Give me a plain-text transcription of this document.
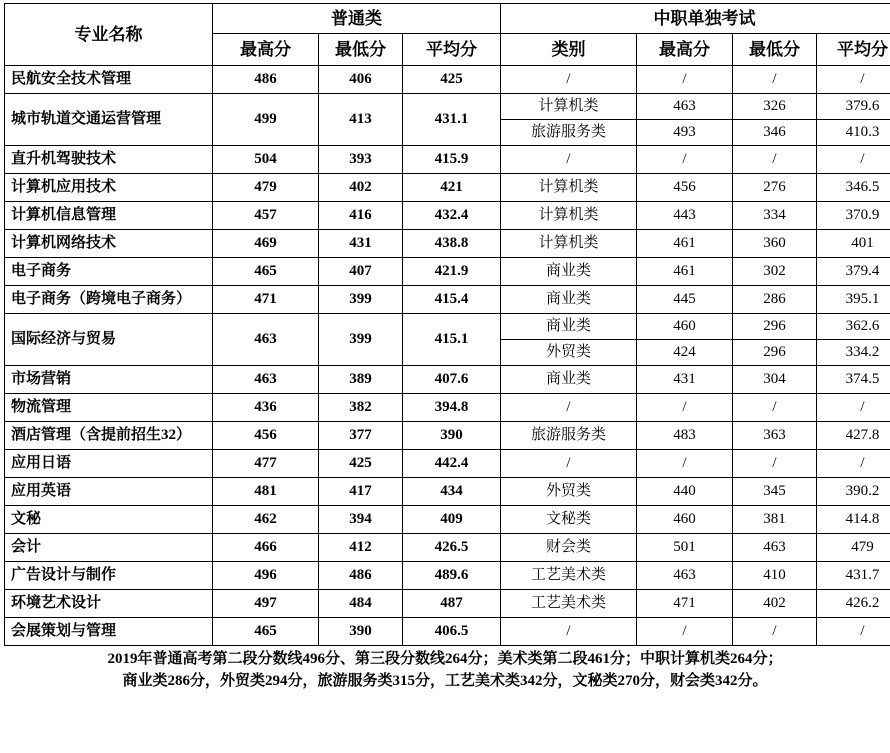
专业名称	普通类			中职单独考试			
	最高分	最低分	平均分	类别	最高分	最低分	平均分
民航安全技术管理	486	406	425	/	/	/	/
城市轨道交通运营管理	499	413	431.1	计算机类	463	326	379.6
				旅游服务类	493	346	410.3
直升机驾驶技术	504	393	415.9	/	/	/	/
计算机应用技术	479	402	421	计算机类	456	276	346.5
计算机信息管理	457	416	432.4	计算机类	443	334	370.9
计算机网络技术	469	431	438.8	计算机类	461	360	401
电子商务	465	407	421.9	商业类	461	302	379.4
电子商务（跨境电子商务）	471	399	415.4	商业类	445	286	395.1
国际经济与贸易	463	399	415.1	商业类	460	296	362.6
				外贸类	424	296	334.2
市场营销	463	389	407.6	商业类	431	304	374.5
物流管理	436	382	394.8	/	/	/	/
酒店管理（含提前招生32）	456	377	390	旅游服务类	483	363	427.8
应用日语	477	425	442.4	/	/	/	/
应用英语	481	417	434	外贸类	440	345	390.2
文秘	462	394	409	文秘类	460	381	414.8
会计	466	412	426.5	财会类	501	463	479
广告设计与制作	496	486	489.6	工艺美术类	463	410	431.7
环境艺术设计	497	484	487	工艺美术类	471	402	426.2
会展策划与管理	465	390	406.5	/	/	/	/
2019年普通高考第二段分数线496分、第三段分数线264分；美术类第二段461分；中职计算机类264分；
商业类286分，外贸类294分，旅游服务类315分，工艺美术类342分，文秘类270分，财会类342分。
